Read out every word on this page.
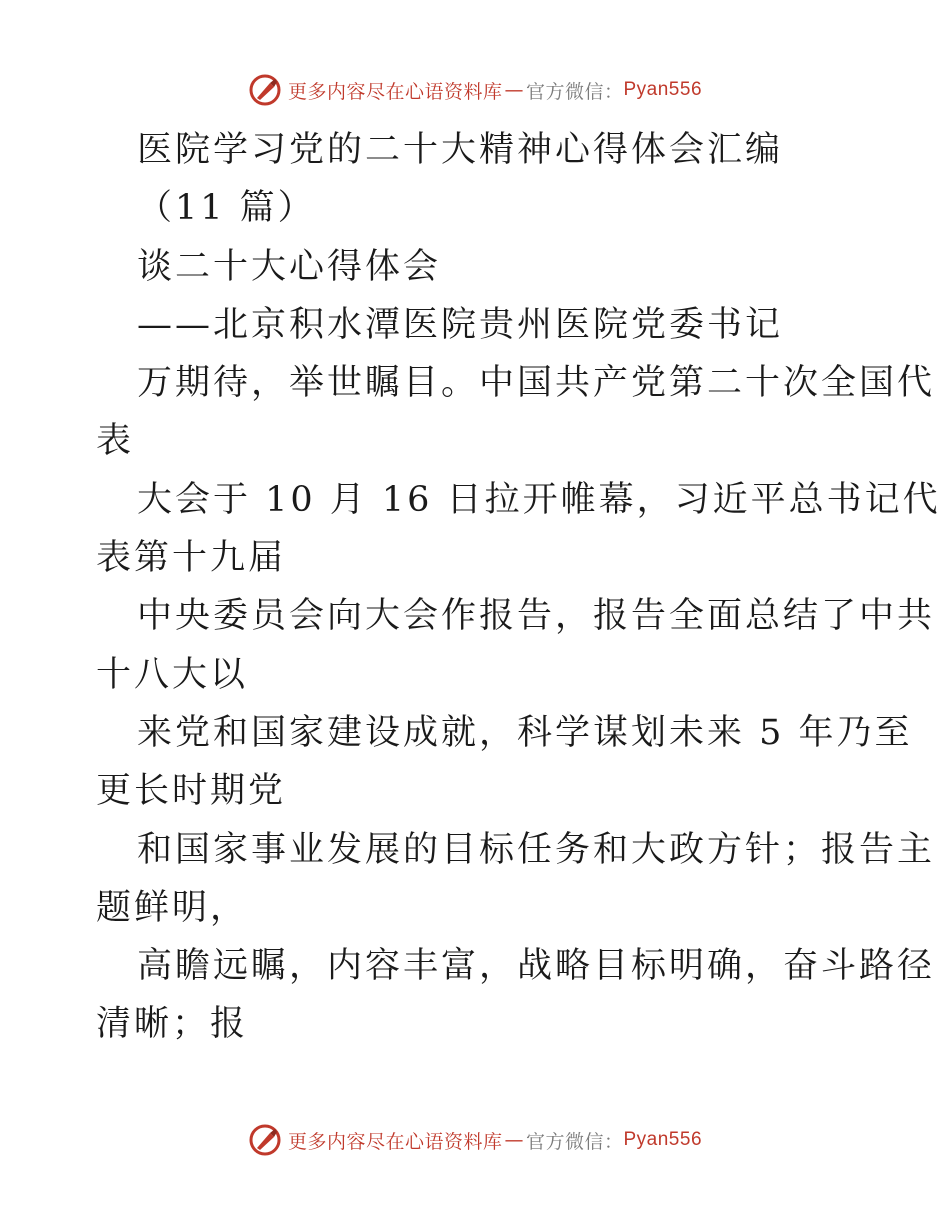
更多内容尽在心语资料库 — 官方微信： Pyan556
医院学习党的二十大精神心得体会汇编
（11 篇）
谈二十大心得体会
——北京积水潭医院贵州医院党委书记
万期待，举世瞩目。中国共产党第二十次全国代
表
大会于 10 月 16 日拉开帷幕，习近平总书记代
表第十九届
中央委员会向大会作报告，报告全面总结了中共
十八大以
来党和国家建设成就，科学谋划未来 5 年乃至
更长时期党
和国家事业发展的目标任务和大政方针；报告主
题鲜明，
高瞻远瞩，内容丰富，战略目标明确，奋斗路径
清晰；报
更多内容尽在心语资料库 — 官方微信： Pyan556
